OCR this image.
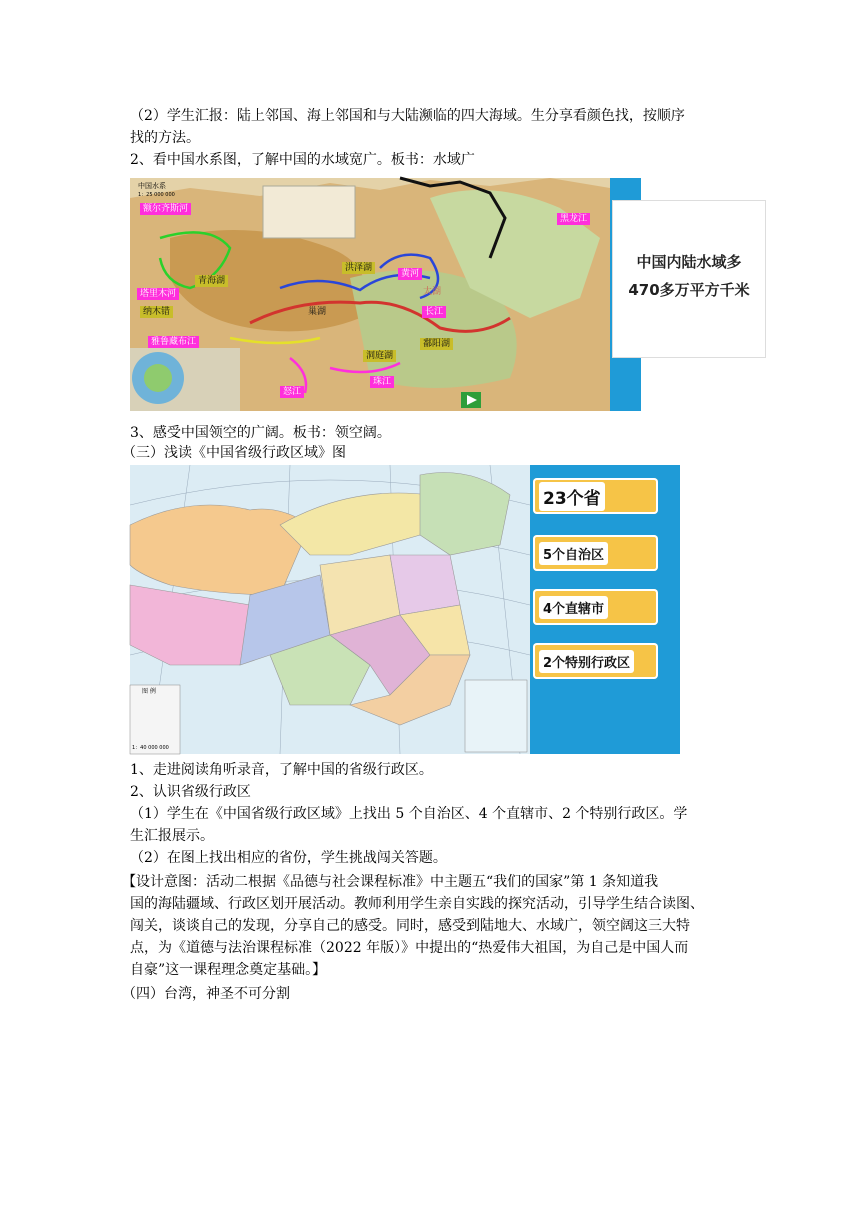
（2）学生汇报：陆上邻国、海上邻国和与大陆濒临的四大海域。生分享看颜色找，按顺序
找的方法。
2、看中国水系图，了解中国的水域宽广。板书：水域广
中国水系
1：25 000 000
额尔齐斯河
黑龙江
青海湖
洪泽湖
黄河
塔里木河	太湖
纳木错	巢湖	长江
雅鲁藏布江	鄱阳湖
洞庭湖
怒江
珠江
中国内陆水域多
470多万平方千米
3、感受中国领空的广阔。板书：领空阔。
（三）浅读《中国省级行政区域》图
图 例
1：40 000 000
23个省
5个自治区
4个直辖市
2个特别行政区
1、走进阅读角听录音，了解中国的省级行政区。
2、认识省级行政区
（1）学生在《中国省级行政区域》上找出 5 个自治区、4 个直辖市、2 个特别行政区。学
生汇报展示。
（2）在图上找出相应的省份，学生挑战闯关答题。
【设计意图：活动二根据《品德与社会课程标准》中主题五“我们的国家”第 1 条知道我
国的海陆疆域、行政区划开展活动。教师利用学生亲自实践的探究活动，引导学生结合读图、
闯关，谈谈自己的发现，分享自己的感受。同时，感受到陆地大、水域广，领空阔这三大特
点，为《道德与法治课程标准（2022 年版）》中提出的“热爱伟大祖国，为自己是中国人而
自豪”这一课程理念奠定基础。】
（四）台湾，神圣不可分割
